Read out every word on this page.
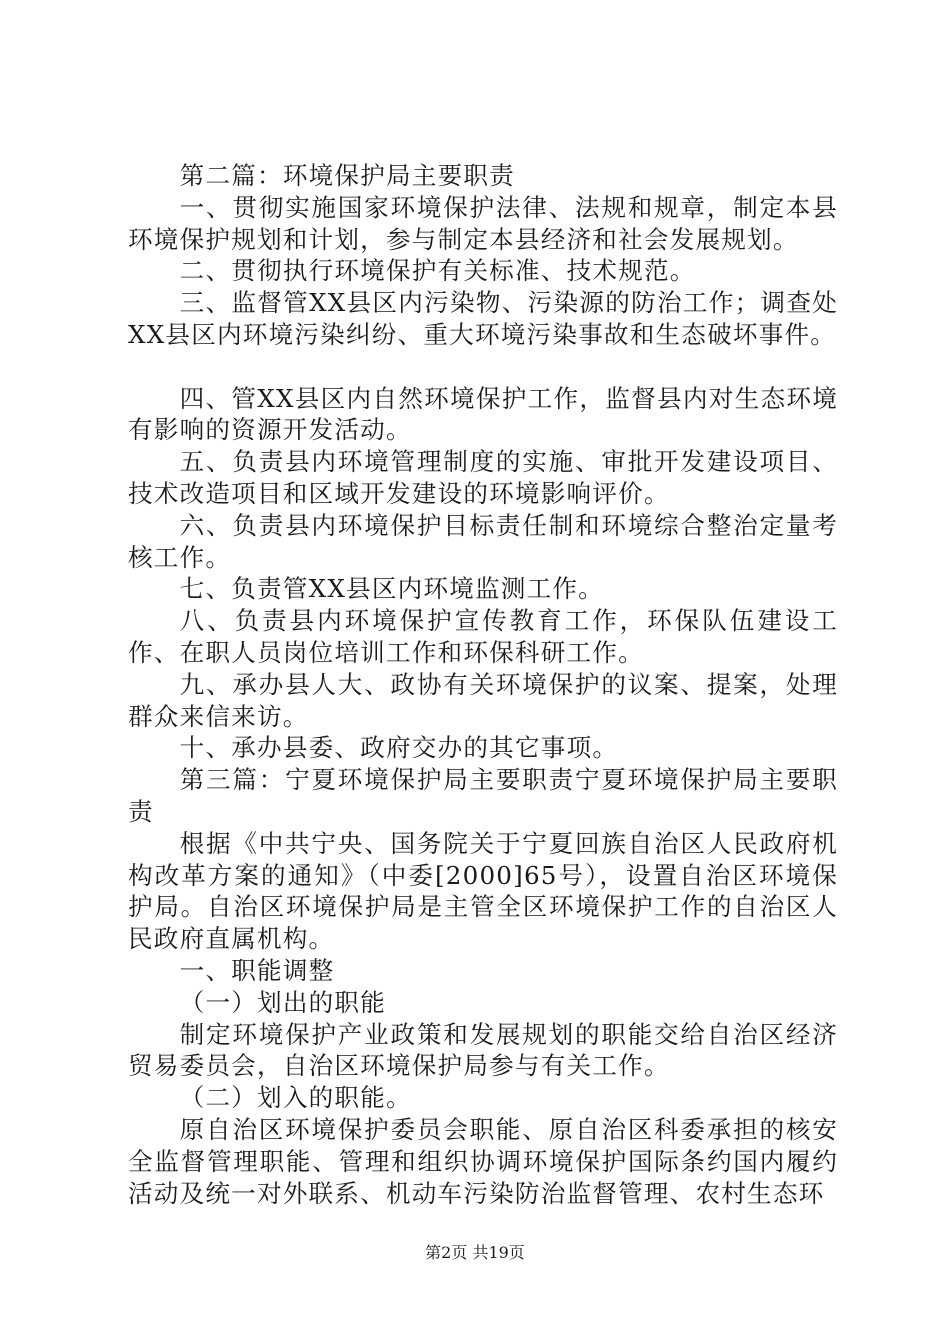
第二篇：环境保护局主要职责

一、贯彻实施国家环境保护法律、法规和规章，制定本县环境保护规划和计划，参与制定本县经济和社会发展规划。

二、贯彻执行环境保护有关标准、技术规范。

三、监督管XX县区内污染物、污染源的防治工作；调查处XX县区内环境污染纠纷、重大环境污染事故和生态破坏事件。

四、管XX县区内自然环境保护工作，监督县内对生态环境有影响的资源开发活动。

五、负责县内环境管理制度的实施、审批开发建设项目、技术改造项目和区域开发建设的环境影响评价。

六、负责县内环境保护目标责任制和环境综合整治定量考核工作。

七、负责管XX县区内环境监测工作。

八、负责县内环境保护宣传教育工作，环保队伍建设工作、在职人员岗位培训工作和环保科研工作。

九、承办县人大、政协有关环境保护的议案、提案，处理群众来信来访。

十、承办县委、政府交办的其它事项。

第三篇：宁夏环境保护局主要职责宁夏环境保护局主要职责

根据《中共宁央、国务院关于宁夏回族自治区人民政府机构改革方案的通知》（中委[2000]65号），设置自治区环境保护局。自治区环境保护局是主管全区环境保护工作的自治区人民政府直属机构。

一、职能调整

（一）划出的职能

制定环境保护产业政策和发展规划的职能交给自治区经济贸易委员会，自治区环境保护局参与有关工作。

（二）划入的职能。

原自治区环境保护委员会职能、原自治区科委承担的核安全监督管理职能、管理和组织协调环境保护国际条约国内履约活动及统一对外联系、机动车污染防治监督管理、农村生态环

第2页 共19页
